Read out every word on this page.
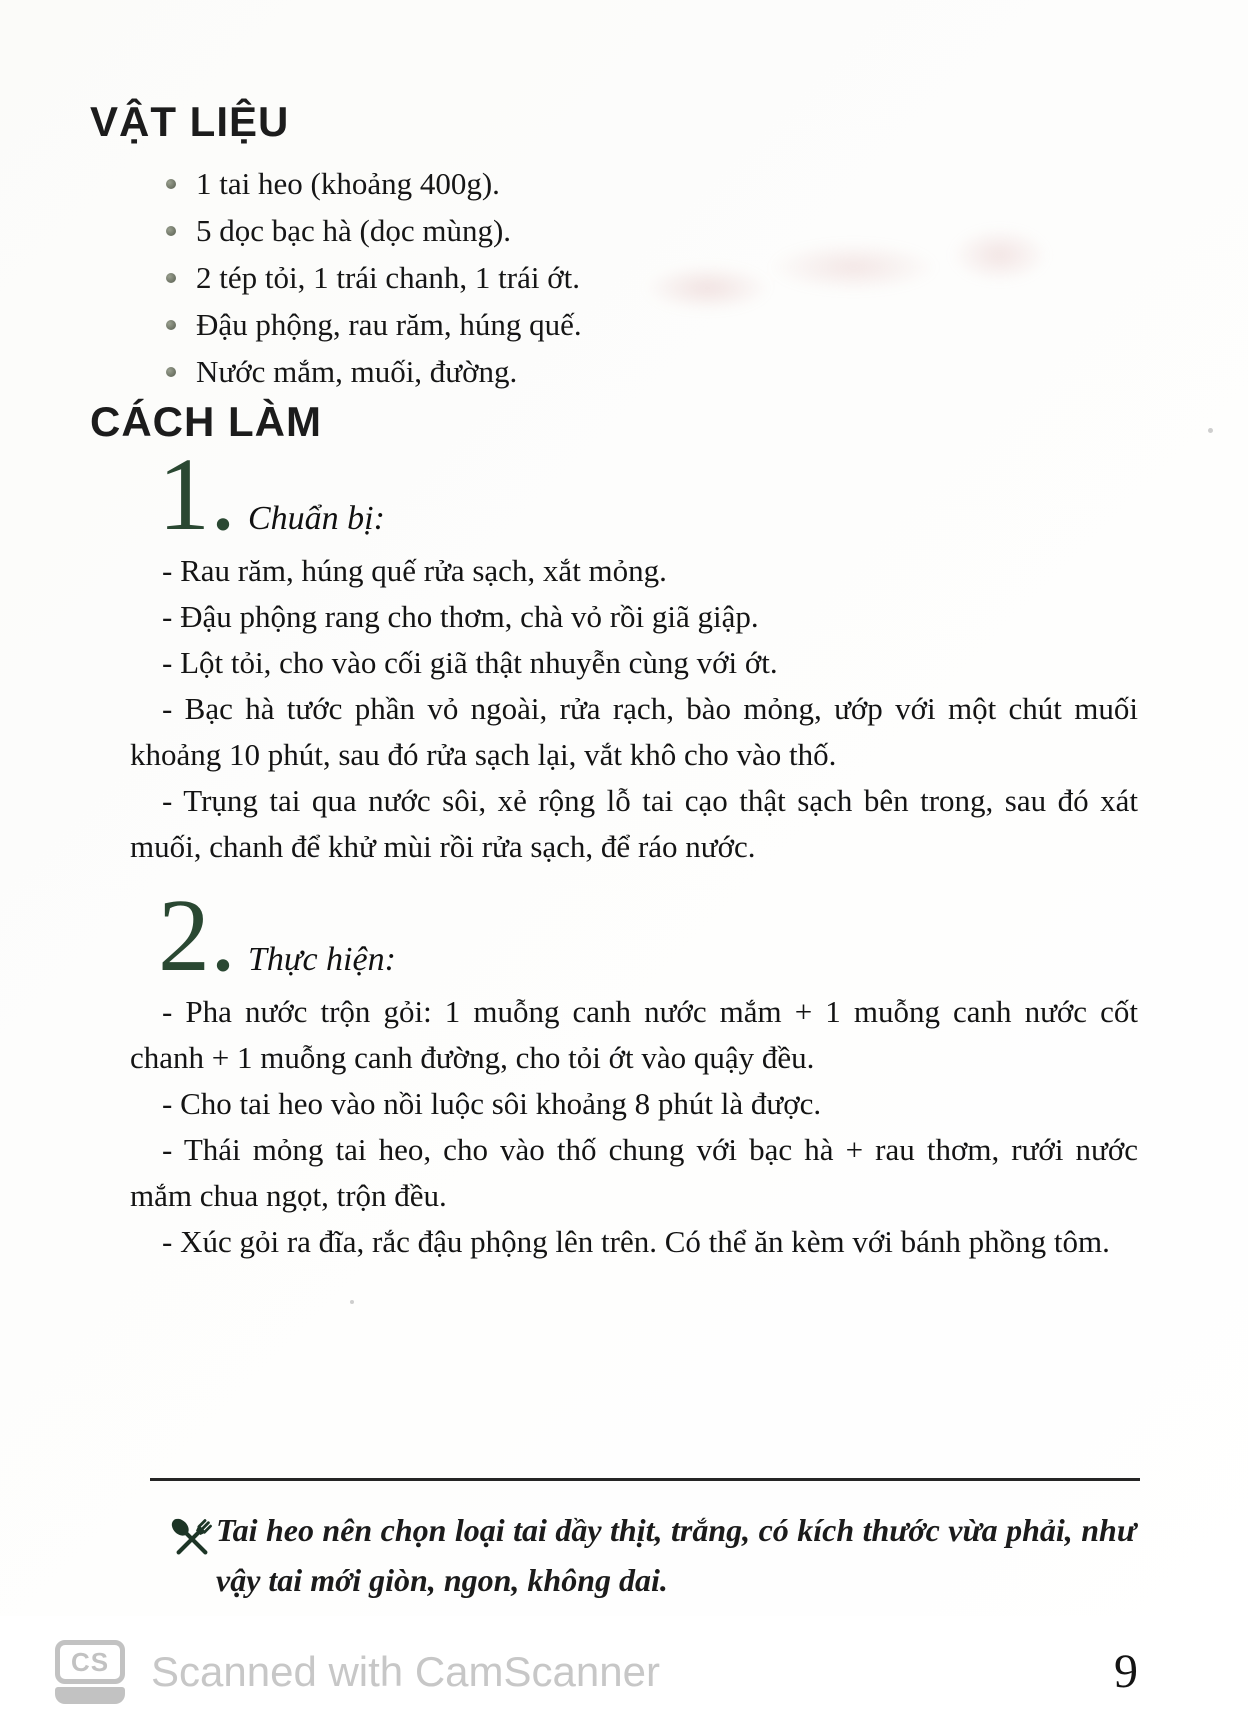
VẬT LIỆU
1 tai heo (khoảng 400g).
5 dọc bạc hà (dọc mùng).
2 tép tỏi, 1 trái chanh, 1 trái ớt.
Đậu phộng, rau răm, húng quế.
Nước mắm, muối, đường.
CÁCH LÀM
1. Chuẩn bị:

- Rau răm, húng quế rửa sạch, xắt mỏng.

- Đậu phộng rang cho thơm, chà vỏ rồi giã giập.

- Lột tỏi, cho vào cối giã thật nhuyễn cùng với ớt.

- Bạc hà tước phần vỏ ngoài, rửa rạch, bào mỏng, ướp với một chút muối khoảng 10 phút, sau đó rửa sạch lại, vắt khô cho vào thố.

- Trụng tai qua nước sôi, xẻ rộng lỗ tai cạo thật sạch bên trong, sau đó xát muối, chanh để khử mùi rồi rửa sạch, để ráo nước.

2. Thực hiện:

- Pha nước trộn gỏi: 1 muỗng canh nước mắm + 1 muỗng canh nước cốt chanh + 1 muỗng canh đường, cho tỏi ớt vào quậy đều.

- Cho tai heo vào nồi luộc sôi khoảng 8 phút là được.

- Thái mỏng tai heo, cho vào thố chung với bạc hà + rau thơm, rưới nước mắm chua ngọt, trộn đều.

- Xúc gỏi ra đĩa, rắc đậu phộng lên trên. Có thể ăn kèm với bánh phồng tôm.

Tai heo nên chọn loại tai dầy thịt, trắng, có kích thước vừa phải, như vậy tai mới giòn, ngon, không dai.

CS Scanned with CamScanner	9
